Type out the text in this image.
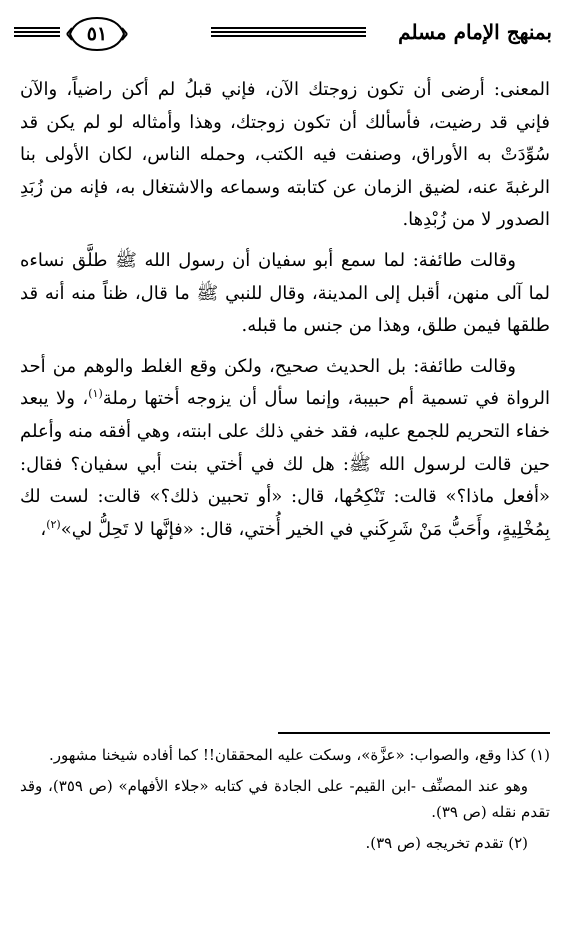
بمنهج الإمام مسلم
٥١

المعنى: أرضى أن تكون زوجتك الآن، فإني قبلُ لم أكن راضياً، والآن فإني قد رضيت، فأسألك أن تكون زوجتك، وهذا وأمثاله لو لم يكن قد سُوِّدَتْ به الأوراق، وصنفت فيه الكتب، وحمله الناس، لكان الأولى بنا الرغبةَ عنه، لضيق الزمان عن كتابته وسماعه والاشتغال به، فإنه من زُبَدِ الصدور لا من زُبْدِها.

وقالت طائفة: لما سمع أبو سفيان أن رسول الله ﷺ طلَّق نساءه لما آلى منهن، أقبل إلى المدينة، وقال للنبي ﷺ ما قال، ظناً منه أنه قد طلقها فيمن طلق، وهذا من جنس ما قبله.

وقالت طائفة: بل الحديث صحيح، ولكن وقع الغلط والوهم من أحد الرواة في تسمية أم حبيبة، وإنما سأل أن يزوجه أختها رملة$^{(١)}$، ولا يبعد خفاء التحريم للجمع عليه، فقد خفي ذلك على ابنته، وهي أفقه منه وأعلم حين قالت لرسول الله ﷺ: هل لك في أختي بنت أبي سفيان؟ فقال: «أفعل ماذا؟» قالت: تَنْكِحُها، قال: «أو تحبين ذلك؟» قالت: لست لك بِمُخْلِيةٍ، وأَحَبُّ مَنْ شَرِكَني في الخير أُختي، قال: «فإنَّها لا تَحِلُّ لي»$^{(٢)}$،

(١) كذا وقع، والصواب: «عزَّة»، وسكت عليه المحققان!! كما أفاده شيخنا مشهور.

وهو عند المصنِّف -ابن القيم- على الجادة في كتابه «جلاء الأفهام» (ص ٣٥٩)، وقد تقدم نقله (ص ٣٩).

(٢) تقدم تخريجه (ص ٣٩).
